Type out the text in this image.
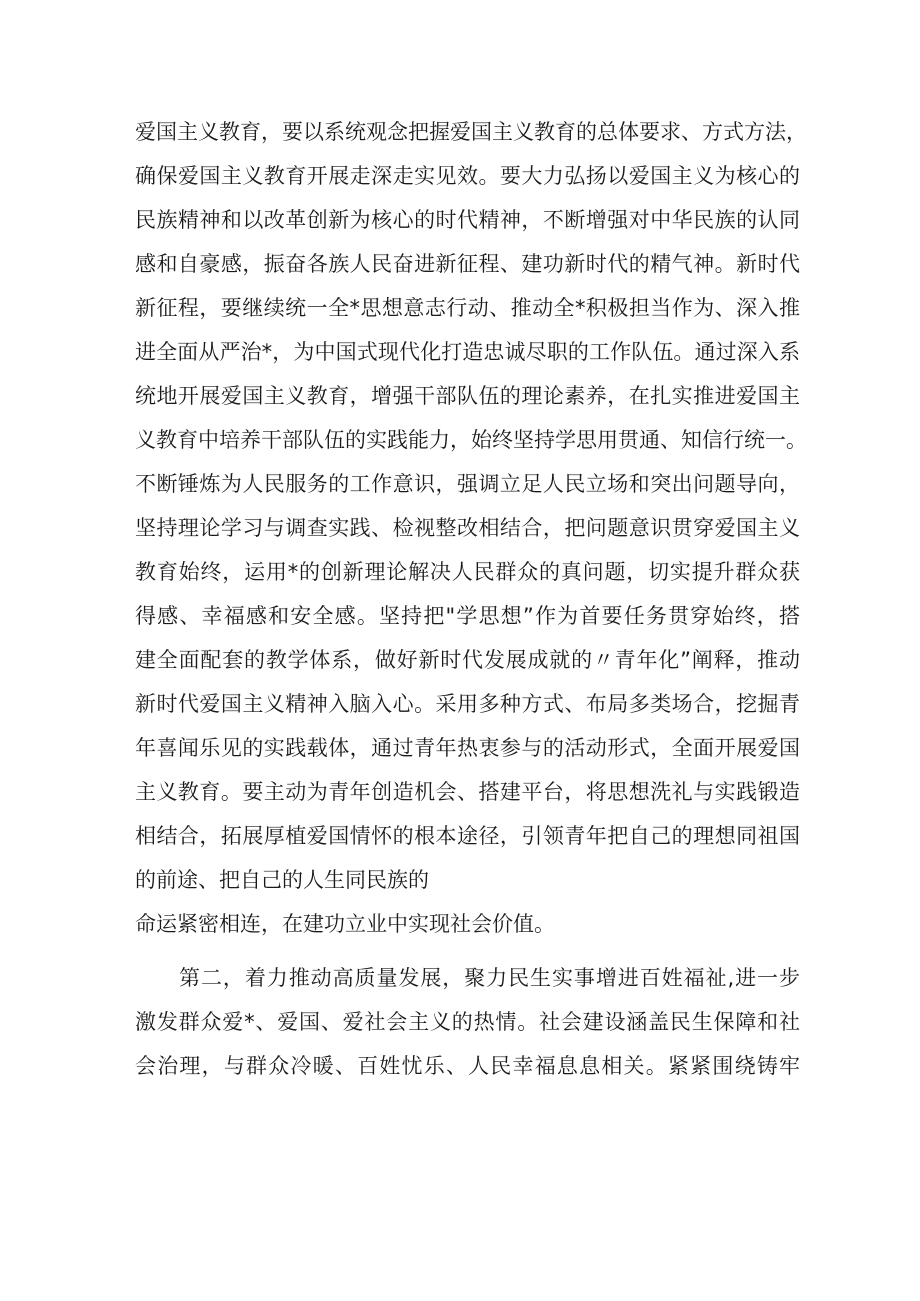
爱国主义教育，要以系统观念把握爱国主义教育的总体要求、方式方法，
确保爱国主义教育开展走深走实见效。要大力弘扬以爱国主义为核心的
民族精神和以改革创新为核心的时代精神，不断增强对中华民族的认同
感和自豪感，振奋各族人民奋进新征程、建功新时代的精气神。新时代
新征程，要继续统一全*思想意志行动、推动全*积极担当作为、深入推
进全面从严治*，为中国式现代化打造忠诚尽职的工作队伍。通过深入系
统地开展爱国主义教育，增强干部队伍的理论素养，在扎实推进爱国主
义教育中培养干部队伍的实践能力，始终坚持学思用贯通、知信行统一。
不断锤炼为人民服务的工作意识，强调立足人民立场和突出问题导向，
坚持理论学习与调查实践、检视整改相结合，把问题意识贯穿爱国主义
教育始终，运用*的创新理论解决人民群众的真问题，切实提升群众获
得感、幸福感和安全感。坚持把"学思想”作为首要任务贯穿始终，搭
建全面配套的教学体系，做好新时代发展成就的〃青年化”阐释，推动
新时代爱国主义精神入脑入心。采用多种方式、布局多类场合，挖掘青
年喜闻乐见的实践载体，通过青年热衷参与的活动形式，全面开展爱国
主义教育。要主动为青年创造机会、搭建平台，将思想洗礼与实践锻造
相结合，拓展厚植爱国情怀的根本途径，引领青年把自己的理想同祖国
的前途、把自己的人生同民族的
命运紧密相连，在建功立业中实现社会价值。
第二，着力推动高质量发展，聚力民生实事增进百姓福祉,进一步
激发群众爱*、爱国、爱社会主义的热情。社会建设涵盖民生保障和社
会治理，与群众冷暖、百姓忧乐、人民幸福息息相关。紧紧围绕铸牢
